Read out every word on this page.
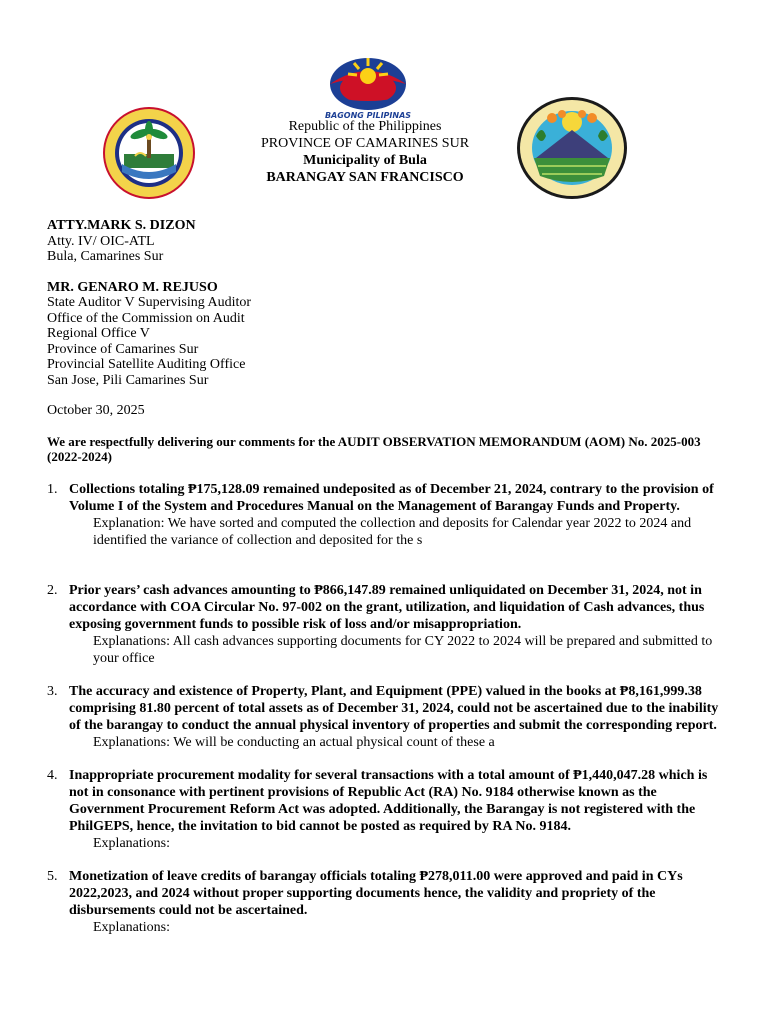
BAGONG PILIPINAS
Republic of the Philippines
PROVINCE OF CAMARINES SUR
Municipality of Bula
BARANGAY SAN FRANCISCO
ATTY.MARK S. DIZON
Atty. IV/ OIC-ATL
Bula, Camarines Sur
MR. GENARO M. REJUSO
State Auditor V Supervising Auditor
Office of the Commission on Audit
Regional Office V
Province of Camarines Sur
Provincial Satellite Auditing Office
San Jose, Pili Camarines Sur
October 30, 2025
We are respectfully delivering our comments for the AUDIT OBSERVATION MEMORANDUM (AOM) No. 2025-003 (2022-2024)
1. Collections totaling ₱175,128.09 remained undeposited as of December 21, 2024, contrary to the provision of Volume I of the System and Procedures Manual on the Management of Barangay Funds and Property.
Explanation: We have sorted and computed the collection and deposits for Calendar year 2022 to 2024 and identified the variance of collection and deposited for the s
2. Prior years’ cash advances amounting to ₱866,147.89 remained unliquidated on December 31, 2024, not in accordance with COA Circular No. 97-002 on the grant, utilization, and liquidation of Cash advances, thus exposing government funds to possible risk of loss and/or misappropriation.
Explanations: All cash advances supporting documents for CY 2022 to 2024 will be prepared and submitted to your office
3. The accuracy and existence of Property, Plant, and Equipment (PPE) valued in the books at ₱8,161,999.38 comprising 81.80 percent of total assets as of December 31, 2024, could not be ascertained due to the inability of the barangay to conduct the annual physical inventory of properties and submit the corresponding report.
Explanations: We will be conducting an actual physical count of these a
4. Inappropriate procurement modality for several transactions with a total amount of ₱1,440,047.28 which is not in consonance with pertinent provisions of Republic Act (RA) No. 9184 otherwise known as the Government Procurement Reform Act was adopted. Additionally, the Barangay is not registered with the PhilGEPS, hence, the invitation to bid cannot be posted as required by RA No. 9184.
Explanations:
5. Monetization of leave credits of barangay officials totaling ₱278,011.00 were approved and paid in CYs 2022,2023, and 2024 without proper supporting documents hence, the validity and propriety of the disbursements could not be ascertained.
Explanations:
